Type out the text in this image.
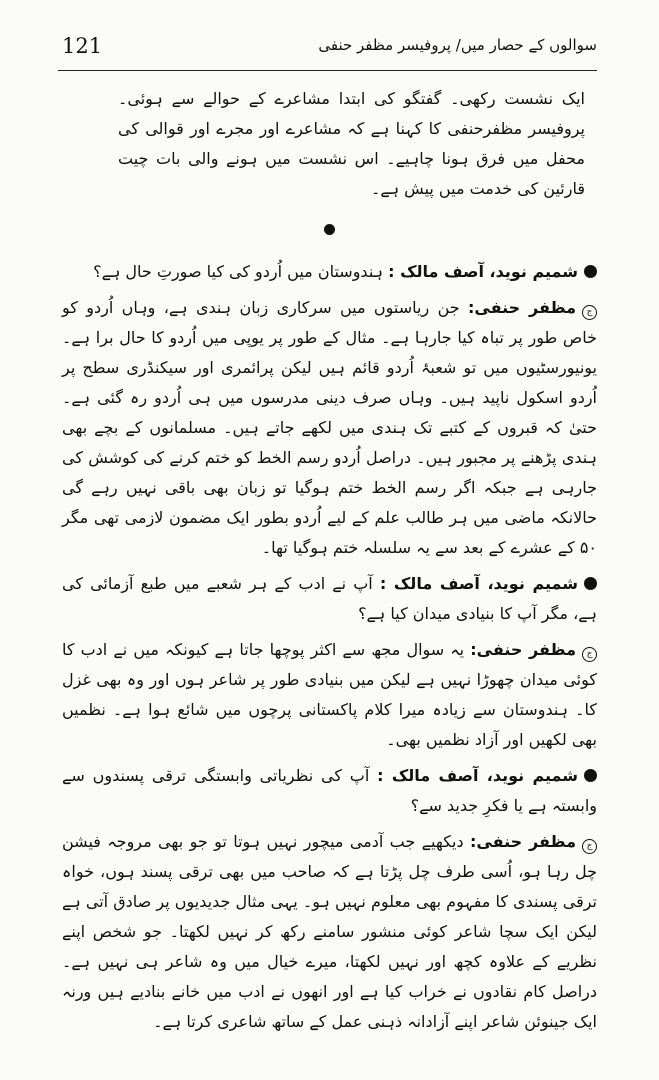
121	سوالوں کے حصار میں/ پروفیسر مظفر حنفی

ایک نشست رکھی۔ گفتگو کی ابتدا مشاعرے کے حوالے سے ہوئی۔ پروفیسر مظفرحنفی کا کہنا ہے کہ مشاعرے اور مجرے اور قوالی کی محفل میں فرق ہونا چاہیے۔ اس نشست میں ہونے والی بات چیت قارئین کی خدمت میں پیش ہے۔

شمیم نوید، آصف مالک : ہندوستان میں اُردو کی کیا صورتِ حال ہے؟

جمظفر حنفی: جن ریاستوں میں سرکاری زبان ہندی ہے، وہاں اُردو کو خاص طور پر تباہ کیا جارہا ہے۔ مثال کے طور پر یوپی میں اُردو کا حال برا ہے۔ یونیورسٹیوں میں تو شعبۂ اُردو قائم ہیں لیکن پرائمری اور سیکنڈری سطح پر اُردو اسکول ناپید ہیں۔ وہاں صرف دینی مدرسوں میں ہی اُردو رہ گئی ہے۔ حتیٰ کہ قبروں کے کتبے تک ہندی میں لکھے جاتے ہیں۔ مسلمانوں کے بچے بھی ہندی پڑھنے پر مجبور ہیں۔ دراصل اُردو رسم الخط کو ختم کرنے کی کوشش کی جارہی ہے جبکہ اگر رسم الخط ختم ہوگیا تو زبان بھی باقی نہیں رہے گی حالانکہ ماضی میں ہر طالب علم کے لیے اُردو بطور ایک مضمون لازمی تھی مگر ۵۰ کے عشرے کے بعد سے یہ سلسلہ ختم ہوگیا تھا۔

شمیم نوید، آصف مالک : آپ نے ادب کے ہر شعبے میں طبع آزمائی کی ہے، مگر آپ کا بنیادی میدان کیا ہے؟

جمظفر حنفی: یہ سوال مجھ سے اکثر پوچھا جاتا ہے کیونکہ میں نے ادب کا کوئی میدان چھوڑا نہیں ہے لیکن میں بنیادی طور پر شاعر ہوں اور وہ بھی غزل کا۔ ہندوستان سے زیادہ میرا کلام پاکستانی پرچوں میں شائع ہوا ہے۔ نظمیں بھی لکھیں اور آزاد نظمیں بھی۔

شمیم نوید، آصف مالک : آپ کی نظریاتی وابستگی ترقی پسندوں سے وابستہ ہے یا فکرِ جدید سے؟

جمظفر حنفی: دیکھیے جب آدمی میچور نہیں ہوتا تو جو بھی مروجہ فیشن چل رہا ہو، اُسی طرف چل پڑتا ہے کہ صاحب میں بھی ترقی پسند ہوں، خواہ ترقی پسندی کا مفہوم بھی معلوم نہیں ہو۔ یہی مثال جدیدیوں پر صادق آتی ہے لیکن ایک سچا شاعر کوئی منشور سامنے رکھ کر نہیں لکھتا۔ جو شخص اپنے نظریے کے علاوہ کچھ اور نہیں لکھتا، میرے خیال میں وہ شاعر ہی نہیں ہے۔ دراصل کام نقادوں نے خراب کیا ہے اور انھوں نے ادب میں خانے بنادیے ہیں ورنہ ایک جینوئن شاعر اپنے آزادانہ ذہنی عمل کے ساتھ شاعری کرتا ہے۔
